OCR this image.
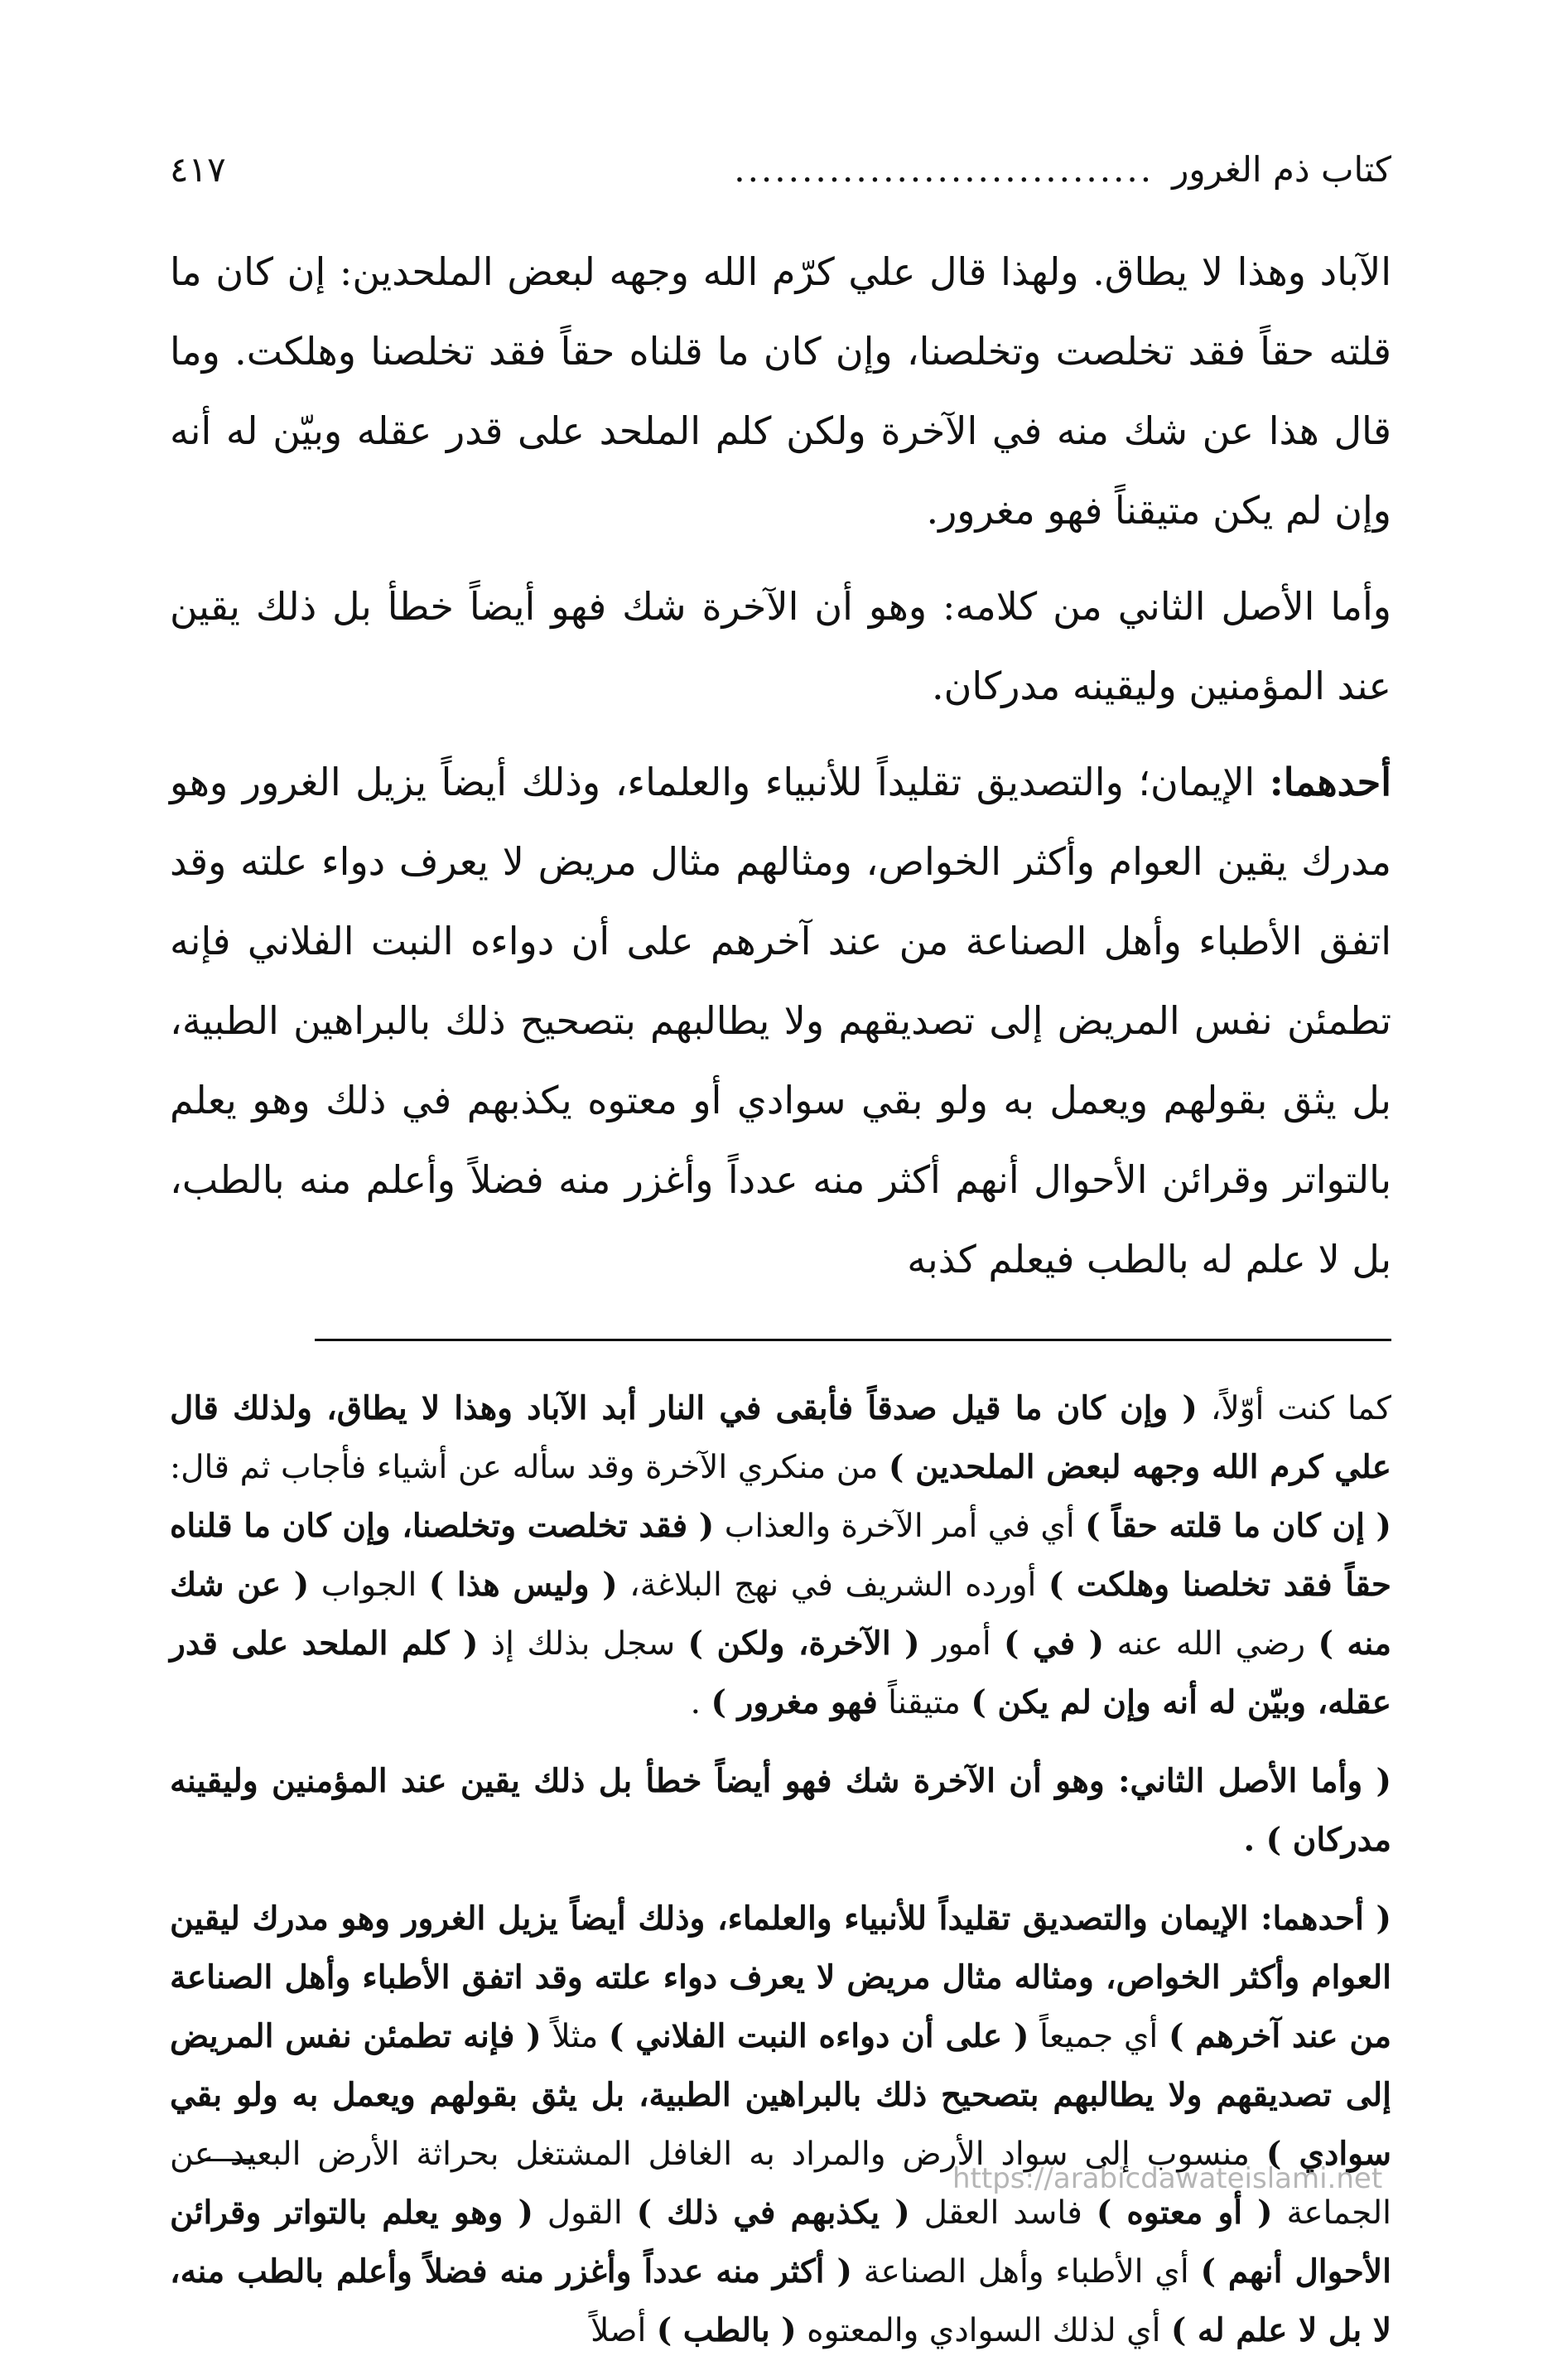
كتاب ذم الغرور
...............................
٤١٧

الآباد وهذا لا يطاق. ولهذا قال علي كرّم الله وجهه لبعض الملحدين: إن كان ما قلته حقاً فقد تخلصت وتخلصنا، وإن كان ما قلناه حقاً فقد تخلصنا وهلكت. وما قال هذا عن شك منه في الآخرة ولكن كلم الملحد على قدر عقله وبيّن له أنه وإن لم يكن متيقناً فهو مغرور.

وأما الأصل الثاني من كلامه: وهو أن الآخرة شك فهو أيضاً خطأ بل ذلك يقين عند المؤمنين وليقينه مدركان.

أحدهما: الإيمان؛ والتصديق تقليداً للأنبياء والعلماء، وذلك أيضاً يزيل الغرور وهو مدرك يقين العوام وأكثر الخواص، ومثالهم مثال مريض لا يعرف دواء علته وقد اتفق الأطباء وأهل الصناعة من عند آخرهم على أن دواءه النبت الفلاني فإنه تطمئن نفس المريض إلى تصديقهم ولا يطالبهم بتصحيح ذلك بالبراهين الطبية، بل يثق بقولهم ويعمل به ولو بقي سوادي أو معتوه يكذبهم في ذلك وهو يعلم بالتواتر وقرائن الأحوال أنهم أكثر منه عدداً وأغزر منه فضلاً وأعلم منه بالطب، بل لا علم له بالطب فيعلم كذبه

كما كنت أوّلاً، ( وإن كان ما قيل صدقاً فأبقى في النار أبد الآباد وهذا لا يطاق، ولذلك قال علي كرم الله وجهه لبعض الملحدين ) من منكري الآخرة وقد سأله عن أشياء فأجاب ثم قال: ( إن كان ما قلته حقاً ) أي في أمر الآخرة والعذاب ( فقد تخلصت وتخلصنا، وإن كان ما قلناه حقاً فقد تخلصنا وهلكت ) أورده الشريف في نهج البلاغة، ( وليس هذا ) الجواب ( عن شك منه ) رضي الله عنه ( في ) أمور ( الآخرة، ولكن ) سجل بذلك إذ ( كلم الملحد على قدر عقله، وبيّن له أنه وإن لم يكن ) متيقناً فهو مغرور ) .

( وأما الأصل الثاني: وهو أن الآخرة شك فهو أيضاً خطأ بل ذلك يقين عند المؤمنين وليقينه مدركان ) .

( أحدهما: الإيمان والتصديق تقليداً للأنبياء والعلماء، وذلك أيضاً يزيل الغرور وهو مدرك ليقين العوام وأكثر الخواص، ومثاله مثال مريض لا يعرف دواء علته وقد اتفق الأطباء وأهل الصناعة من عند آخرهم ) أي جميعاً ( على أن دواءه النبت الفلاني ) مثلاً ( فإنه تطمئن نفس المريض إلى تصديقهم ولا يطالبهم بتصحيح ذلك بالبراهين الطبية، بل يثق بقولهم ويعمل به ولو بقي سوادي ) منسوب إلى سواد الأرض والمراد به الغافل المشتغل بحراثة الأرض البعيد عن الجماعة ( أو معتوه ) فاسد العقل ( يكذبهم في ذلك ) القول ( وهو يعلم بالتواتر وقرائن الأحوال أنهم ) أي الأطباء وأهل الصناعة ( أكثر منه عدداً وأغزر منه فضلاً وأعلم بالطب منه، لا بل لا علم له ) أي لذلك السوادي والمعتوه ( بالطب ) أصلاً

https://arabicdawateislami.net
